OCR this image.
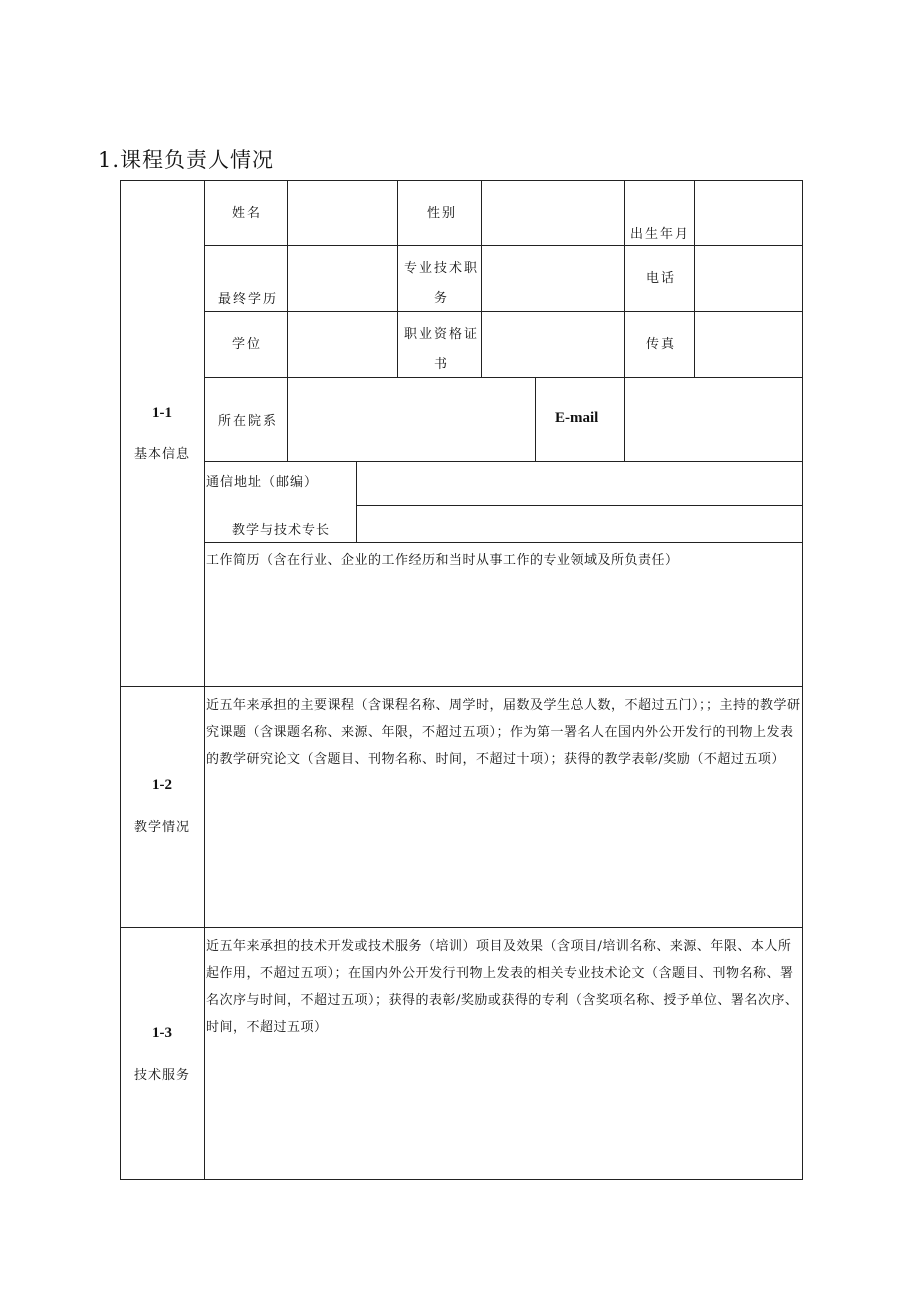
1.课程负责人情况
1-1
基本信息
姓名	性别
出生年月
最终学历
专业技术职
务
电话
学位
职业资格证
书
传真
所在院系	E-mail
通信地址（邮编）
教学与技术专长
工作简历（含在行业、企业的工作经历和当时从事工作的专业领域及所负责任）
1-2
教学情况
近五年来承担的主要课程（含课程名称、周学时，届数及学生总人数，不超过五门）；；主持的教学研究课题（含课题名称、来源、年限，不超过五项）；作为第一署名人在国内外公开发行的刊物上发表的教学研究论文（含题目、刊物名称、时间，不超过十项）；获得的教学表彰/奖励（不超过五项）
1-3
技术服务
近五年来承担的技术开发或技术服务（培训）项目及效果（含项目/培训名称、来源、年限、本人所起作用，不超过五项）；在国内外公开发行刊物上发表的相关专业技术论文（含题目、刊物名称、署名次序与时间，不超过五项）；获得的表彰/奖励或获得的专利（含奖项名称、授予单位、署名次序、时间，不超过五项）
